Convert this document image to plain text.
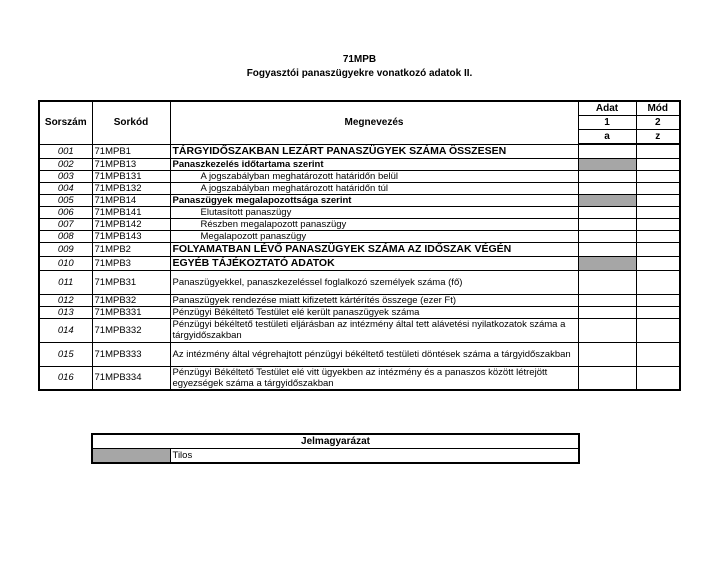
71MPB
Fogyasztói panaszügyekre vonatkozó adatok II.
Sorszám	Sorkód	Megnevezés	Adat	Mód
			1	2
			a	z
001	71MPB1	TÁRGYIDŐSZAKBAN LEZÁRT PANASZÜGYEK SZÁMA ÖSSZESEN		
002	71MPB13	Panaszkezelés időtartama szerint		
003	71MPB131	A jogszabályban meghatározott határidőn belül		
004	71MPB132	A jogszabályban meghatározott határidőn túl		
005	71MPB14	Panaszügyek megalapozottsága szerint		
006	71MPB141	Elutasított panaszügy		
007	71MPB142	Részben megalapozott panaszügy		
008	71MPB143	Megalapozott panaszügy		
009	71MPB2	FOLYAMATBAN LÉVŐ PANASZÜGYEK SZÁMA AZ IDŐSZAK VÉGÉN		
010	71MPB3	EGYÉB TÁJÉKOZTATÓ ADATOK		
011	71MPB31	Panaszügyekkel, panaszkezeléssel foglalkozó személyek száma (fő)		
012	71MPB32	Panaszügyek rendezése miatt kifizetett kártérítés összege (ezer Ft)		
013	71MPB331	Pénzügyi Békéltető Testület elé került panaszügyek száma		
014	71MPB332	Pénzügyi békéltető testületi eljárásban az intézmény által tett alávetési nyilatkozatok száma a tárgyidőszakban		
015	71MPB333	Az intézmény által végrehajtott pénzügyi békéltető testületi döntések száma a tárgyidőszakban		
016	71MPB334	Pénzügyi Békéltető Testület elé vitt ügyekben az intézmény és a panaszos között létrejött egyezségek száma a tárgyidőszakban		
Jelmagyarázat
	Tilos
